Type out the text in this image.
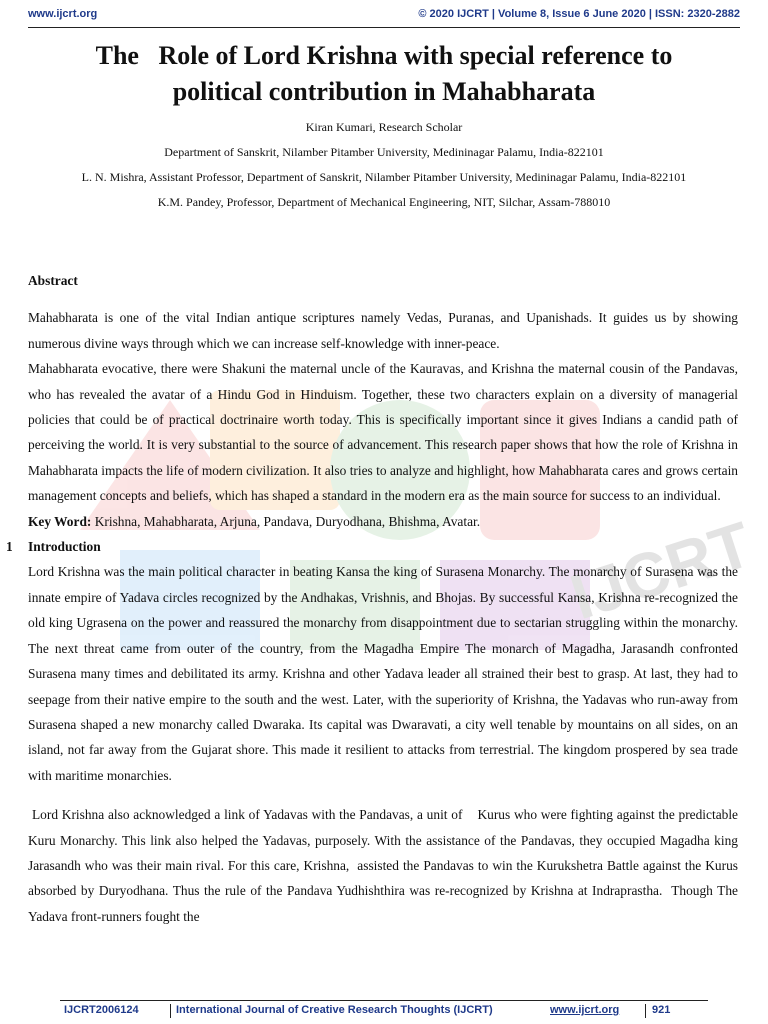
www.ijcrt.org	© 2020 IJCRT | Volume 8, Issue 6 June 2020 | ISSN: 2320-2882
IJCRT
The   Role of Lord Krishna with special reference to
political contribution in Mahabharata

Kiran Kumari, Research Scholar

Department of Sanskrit, Nilamber Pitamber University, Medininagar Palamu, India-822101

L. N. Mishra, Assistant Professor, Department of Sanskrit, Nilamber Pitamber University, Medininagar Palamu, India-822101

K.M. Pandey, Professor, Department of Mechanical Engineering, NIT, Silchar, Assam-788010

Abstract

Mahabharata is one of the vital Indian antique scriptures namely Vedas, Puranas, and Upanishads. It guides us by showing numerous divine ways through which we can increase self-knowledge with inner-peace.

Mahabharata evocative, there were Shakuni the maternal uncle of the Kauravas, and Krishna the maternal cousin of the Pandavas, who has revealed the avatar of a Hindu God in Hinduism. Together, these two characters explain on a diversity of managerial policies that could be of practical doctrinaire worth today. This is specifically important since it gives Indians a candid path of perceiving the world. It is very substantial to the source of advancement. This research paper shows that how the role of Krishna in Mahabharata impacts the life of modern civilization. It also tries to analyze and highlight, how Mahabharata cares and grows certain management concepts and beliefs, which has shaped a standard in the modern era as the main source for success to an individual.

Key Word: Krishna, Mahabharata, Arjuna, Pandava, Duryodhana, Bhishma, Avatar.

1 Introduction

Lord Krishna was the main political character in beating Kansa the king of Surasena Monarchy. The monarchy of Surasena was the innate empire of Yadava circles recognized by the Andhakas, Vrishnis, and Bhojas. By successful Kansa, Krishna re-recognized the old king Ugrasena on the power and reassured the monarchy from disappointment due to sectarian struggling within the monarchy. The next threat came from outer of the country, from the Magadha Empire The monarch of Magadha, Jarasandh confronted Surasena many times and debilitated its army. Krishna and other Yadava leader all strained their best to grasp. At last, they had to seepage from their native empire to the south and the west. Later, with the superiority of Krishna, the Yadavas who run-away from Surasena shaped a new monarchy called Dwaraka. Its capital was Dwaravati, a city well tenable by mountains on all sides, on an island, not far away from the Gujarat shore. This made it resilient to attacks from terrestrial. The kingdom prospered by sea trade with maritime monarchies.

Lord Krishna also acknowledged a link of Yadavas with the Pandavas, a unit of    Kurus who were fighting against the predictable Kuru Monarchy. This link also helped the Yadavas, purposely. With the assistance of the Pandavas, they occupied Magadha king Jarasandh who was their main rival. For this care, Krishna,  assisted the Pandavas to win the Kurukshetra Battle against the Kurus absorbed by Duryodhana. Thus the rule of the Pandava Yudhishthira was re-recognized by Krishna at Indraprastha.  Though The Yadava front-runners fought the

IJCRT2006124	International Journal of Creative Research Thoughts (IJCRT)	www.ijcrt.org	921
